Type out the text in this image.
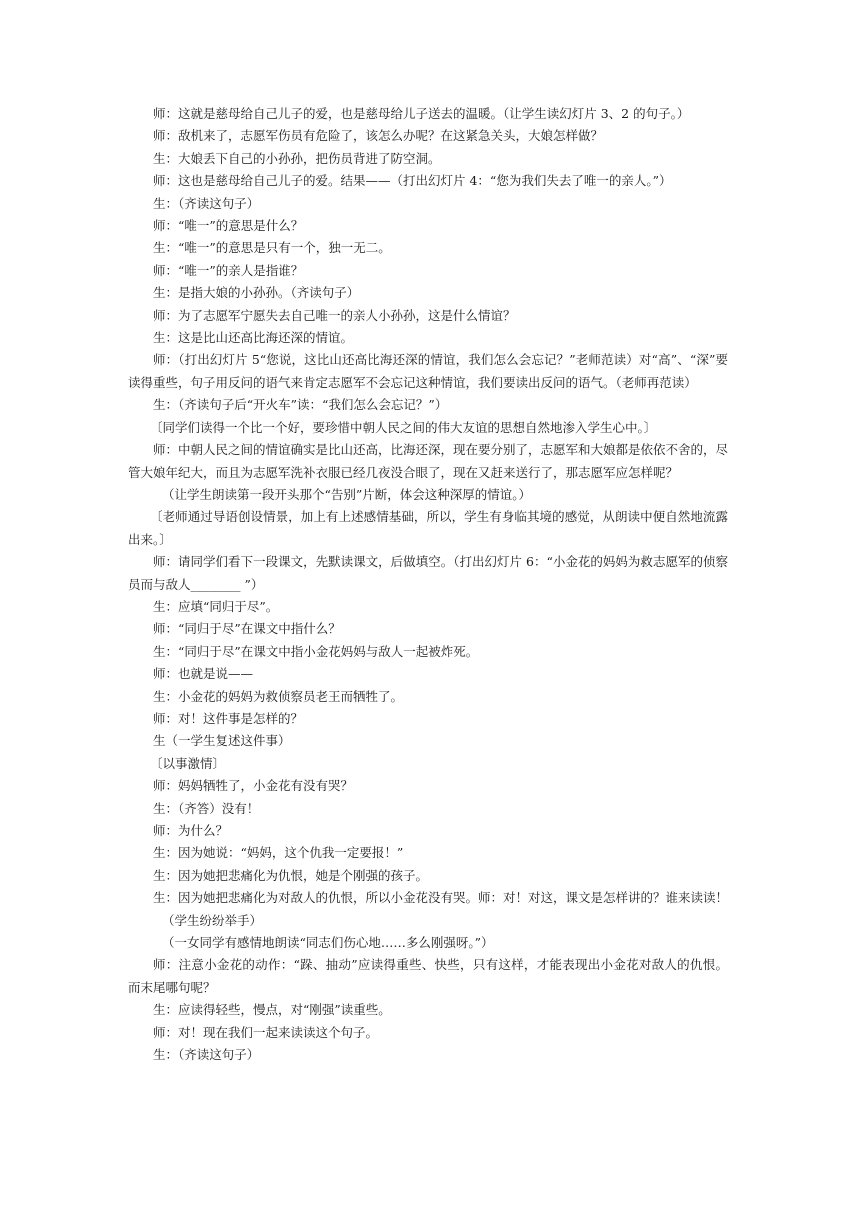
师：这就是慈母给自己儿子的爱，也是慈母给儿子送去的温暖。（让学生读幻灯片 3、2 的句子。）

师：敌机来了，志愿军伤员有危险了，该怎么办呢？在这紧急关头，大娘怎样做？

生：大娘丢下自己的小孙孙，把伤员背进了防空洞。

师：这也是慈母给自己儿子的爱。结果——（打出幻灯片 4：“您为我们失去了唯一的亲人。”）

生：（齐读这句子）

师：“唯一”的意思是什么？

生：“唯一”的意思是只有一个，独一无二。

师：“唯一”的亲人是指谁？

生：是指大娘的小孙孙。（齐读句子）

师：为了志愿军宁愿失去自己唯一的亲人小孙孙，这是什么情谊？

生：这是比山还高比海还深的情谊。

师：（打出幻灯片 5“您说，这比山还高比海还深的情谊，我们怎么会忘记？”老师范读）对“高”、“深”要读得重些，句子用反问的语气来肯定志愿军不会忘记这种情谊，我们要读出反问的语气。（老师再范读）

生：（齐读句子后“开火车”读：“我们怎么会忘记？”）

〔同学们读得一个比一个好，要珍惜中朝人民之间的伟大友谊的思想自然地渗入学生心中。〕

师：中朝人民之间的情谊确实是比山还高，比海还深，现在要分别了，志愿军和大娘都是依依不舍的，尽管大娘年纪大，而且为志愿军洗补衣服已经几夜没合眼了，现在又赶来送行了，那志愿军应怎样呢？

（让学生朗读第一段开头那个“告别”片断，体会这种深厚的情谊。）

〔老师通过导语创设情景，加上有上述感情基础，所以，学生有身临其境的感觉，从朗读中便自然地流露出来。〕

师：请同学们看下一段课文，先默读课文，后做填空。（打出幻灯片 6：“小金花的妈妈为救志愿军的侦察员而与敌人________ ”）

生：应填“同归于尽”。

师：“同归于尽”在课文中指什么？

生：“同归于尽”在课文中指小金花妈妈与敌人一起被炸死。

师：也就是说——

生：小金花的妈妈为救侦察员老王而牺牲了。

师：对！这件事是怎样的？

生（一学生复述这件事）

〔以事激情〕

师：妈妈牺牲了，小金花有没有哭？

生：（齐答）没有！

师：为什么？

生：因为她说：“妈妈，这个仇我一定要报！”

生：因为她把悲痛化为仇恨，她是个刚强的孩子。

生：因为她把悲痛化为对敌人的仇恨，所以小金花没有哭。师：对！对这，课文是怎样讲的？谁来读读！

（学生纷纷举手）

（一女同学有感情地朗读“同志们伤心地……多么刚强呀。”）

师：注意小金花的动作：“跺、抽动”应读得重些、快些，只有这样，才能表现出小金花对敌人的仇恨。而末尾哪句呢？

生：应读得轻些，慢点，对“刚强”读重些。

师：对！现在我们一起来读读这个句子。

生：（齐读这句子）
